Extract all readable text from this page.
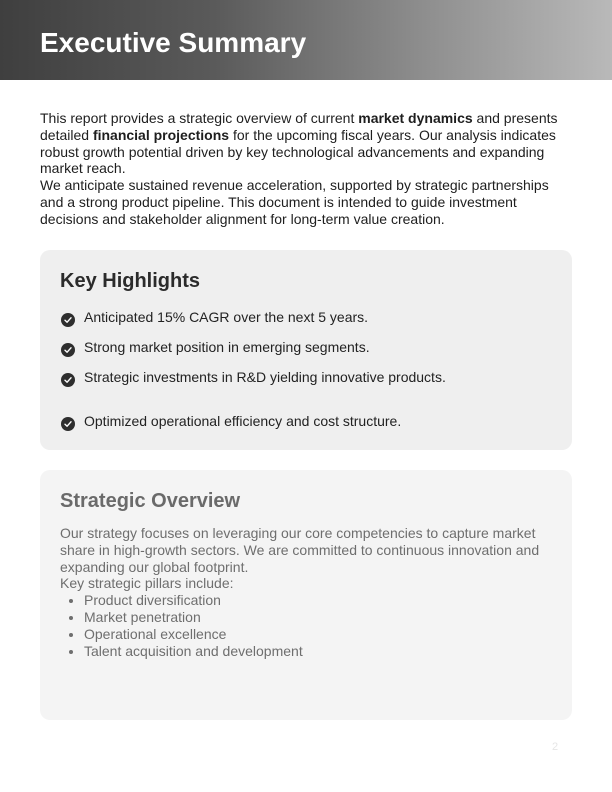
Executive Summary

This report provides a strategic overview of current market dynamics and presents detailed financial projections for the upcoming fiscal years. Our analysis indicates robust growth potential driven by key technological advancements and expanding market reach.

We anticipate sustained revenue acceleration, supported by strategic partnerships and a strong product pipeline. This document is intended to guide investment decisions and stakeholder alignment for long-term value creation.

Key Highlights
Anticipated 15% CAGR over the next 5 years.
Strong market position in emerging segments.
Strategic investments in R&D yielding innovative products.
Optimized operational efficiency and cost structure.
Strategic Overview

Our strategy focuses on leveraging our core competencies to capture market share in high-growth sectors. We are committed to continuous innovation and expanding our global footprint.

Key strategic pillars include:

• Product diversification
• Market penetration
• Operational excellence
• Talent acquisition and development
2
